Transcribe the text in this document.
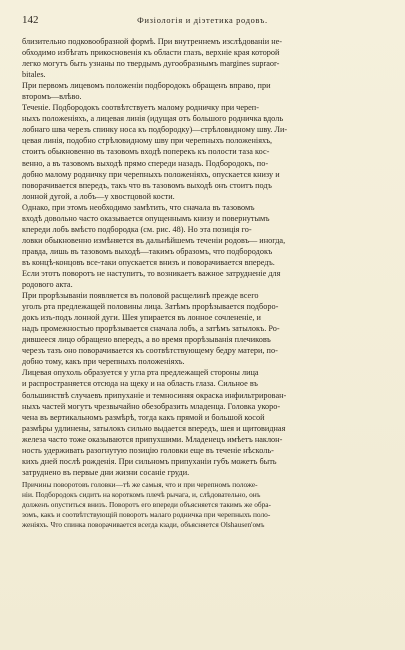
142	Физiологiя и дiэтетика родовъ.
близительно подковообразной формѣ. При внутреннемъ изслѣдованiи не-
обходимо избѣгать прикосновенiя къ области глазъ, верхнiе края которой
легко могутъ быть узнаны по твердымъ дугообразнымъ margines supraor-
bitales.
При первомъ лицевомъ положенiи подбородокъ обращенъ вправо, при
второмъ—влѣво.
Теченiе. Подбородокъ соотвѣтствуетъ малому родничку при череп-
ныхъ положенiяхъ, а лицевая линiя (идущая отъ большого родничка вдоль
лобнаго шва черезъ спинку носа къ подбородку)—стрѣловидному шву. Ли-
цевая линiя, подобно стрѣловидному шву при черепныхъ положенiяхъ,
стоитъ обыкновенно въ тазовомъ входѣ поперекъ къ полости таза кос-
венно, а въ тазовомъ выходѣ прямо спереди назадъ. Подбородокъ, по-
добно малому родничку при черепныхъ положенiяхъ, опускается книзу и
поворачивается впередъ, такъ что въ тазовомъ выходѣ онъ стоитъ подъ
лонной дугой, а лобъ—у хвостцовой кости.
Однако, при этомъ необходимо замѣтить, что сначала въ тазовомъ
входѣ довольно часто оказывается опущеннымъ книзу и повернутымъ
кпереди лобъ вмѣсто подбородка (см. рис. 48). Но эта позицiя го-
ловки обыкновенно измѣняется въ дальнѣйшемъ теченiи родовъ— иногда,
правда, лишь въ тазовомъ выходѣ—такимъ образомъ, что подбородокъ
въ концѣ-концовъ все-таки опускается внизъ и поворачивается впередъ.
Если этотъ поворотъ не наступитъ, то возникаетъ важное затрудненiе для
родового акта.
При прорѣзыванiи появляется въ половой расщелинѣ прежде всего
уголъ рта предлежащей половины лица. Затѣмъ прорѣзывается подборо-
докъ изъ-подъ лонной дуги. Шея упирается въ лонное сочлененiе, и
надъ промежностью прорѣзывается сначала лобъ, а затѣмъ затылокъ. Ро-
дившееся лицо обращено впередъ, а во время прорѣзыванiя плечиковъ
черезъ тазъ оно поворачивается къ соотвѣтствующему бедру матери, по-
добно тому, какъ при черепныхъ положенiяхъ.
Лицевая опухоль образуется у угла рта предлежащей стороны лица
и распространяется отсюда на щеку и на область глаза. Сильное въ
большинствѣ случаевъ припуханiе и темносиняя окраска инфильтрирован-
ныхъ частей могутъ чрезвычайно обезобразить младенца. Головка укоро-
чена въ вертикальномъ размѣрѣ, тогда какъ прямой и большой косой
размѣры удлинены, затылокъ сильно выдается впередъ, шея и щитовидная
железа часто тоже оказываются припухшими. Младенецъ имѣетъ наклон-
ность удерживать разогнутую позицiю головки еще въ теченiе нѣсколь-
кихъ дней послѣ рожденiя. При сильномъ припуханiи губъ можетъ быть
затруднено въ первые дни жизни сосанiе груди.
Причины поворотовъ головки—тѣ же самыя, что и при черепномъ положе-
нiи. Подбородокъ сидитъ на короткомъ плечѣ рычага, и, слѣдовательно, онъ
долженъ опуститься внизъ. Поворотъ его впереди объясняется такимъ же обра-
зомъ, какъ и соотвѣтствующiй поворотъ малаго родничка при черепныхъ поло-
женiяхъ. Что спинка поворачивается всегда кзади, объясняется Olshausen'омъ
